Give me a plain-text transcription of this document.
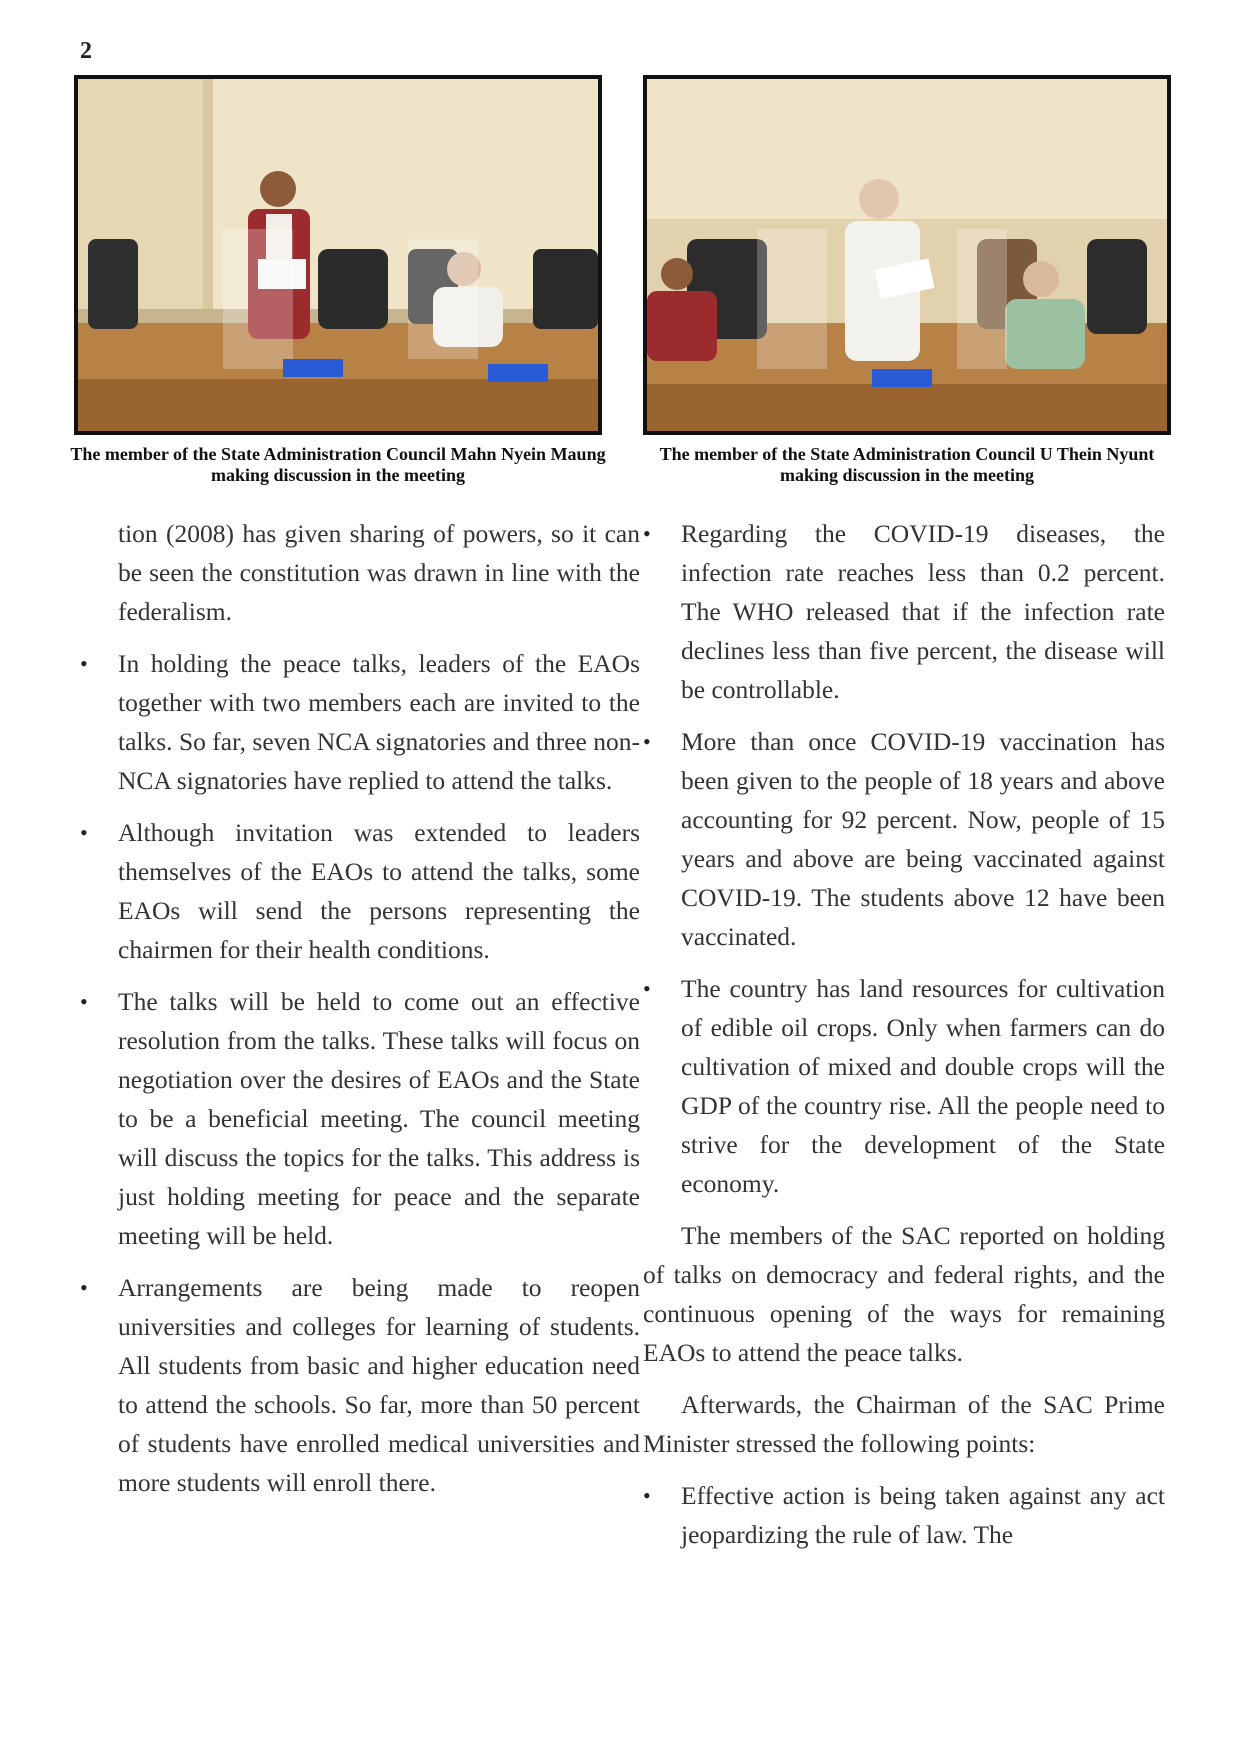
2
The member of the State Administration Council Mahn Nyein Maung making discussion in the meeting
The member of the State Administration Council U Thein Nyunt making discussion in the meeting

tion (2008) has given sharing of powers, so it can be seen the constitution was drawn in line with the federalism.

•	In holding the peace talks, leaders of the EAOs together with two members each are invited to the talks. So far, seven NCA signatories and three non-NCA signatories have replied to attend the talks.
•	Although invitation was extended to leaders themselves of the EAOs to attend the talks, some EAOs will send the persons representing the chairmen for their health conditions.
•	The talks will be held to come out an effective resolution from the talks. These talks will focus on negotiation over the desires of EAOs and the State to be a beneficial meeting. The council meeting will discuss the topics for the talks. This address is just holding meeting for peace and the separate meeting will be held.
•	Arrangements are being made to reopen universities and colleges for learning of students. All students from basic and higher education need to attend the schools. So far, more than 50 percent of students have enrolled medical universities and more students will enroll there.
•	Regarding the COVID-19 diseases, the infection rate reaches less than 0.2 percent. The WHO released that if the infection rate declines less than five percent, the disease will be controllable.
•	More than once COVID-19 vaccination has been given to the people of 18 years and above accounting for 92 percent. Now, people of 15 years and above are being vaccinated against COVID-19. The students above 12 have been vaccinated.
•	The country has land resources for cultivation of edible oil crops. Only when farmers can do cultivation of mixed and double crops will the GDP of the country rise. All the people need to strive for the development of the State economy.

The members of the SAC reported on holding of talks on democracy and federal rights, and the continuous opening of the ways for remaining EAOs to attend the peace talks.

Afterwards, the Chairman of the SAC Prime Minister stressed the following points:

•	Effective action is being taken against any act jeopardizing the rule of law. The
